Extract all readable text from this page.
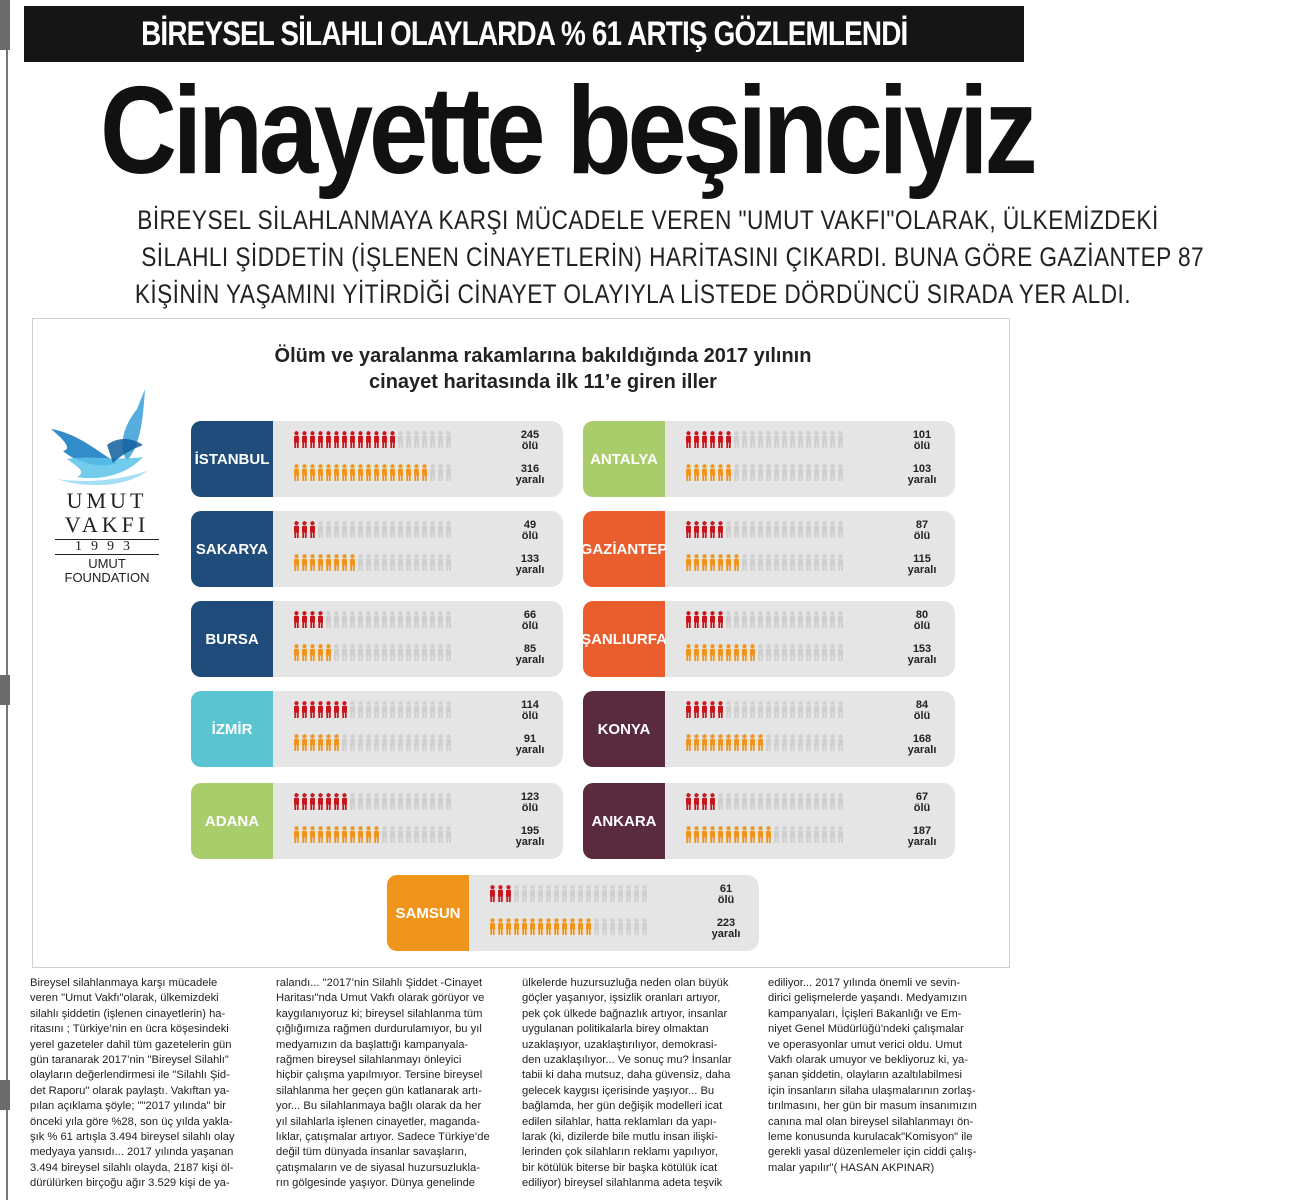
BİREYSEL SİLAHLI OLAYLARDA % 61 ARTIŞ GÖZLEMLENDİ
Cinayette beşinciyiz
BİREYSEL SİLAHLANMAYA KARŞI MÜCADELE VEREN "UMUT VAKFI"OLARAK, ÜLKEMİZDEKİ
SİLAHLI ŞİDDETİN (İŞLENEN CİNAYETLERİN) HARİTASINI ÇIKARDI. BUNA GÖRE GAZİANTEP 87
KİŞİNİN YAŞAMINI YİTİRDİĞİ CİNAYET OLAYIYLA LİSTEDE DÖRDÜNCÜ SIRADA YER ALDI.
UMUT
VAKFI
1993
UMUT
FOUNDATION
Ölüm ve yaralanma rakamlarına bakıldığında 2017 yılının
cinayet haritasında ilk 11’e giren iller
İSTANBUL
245
ölü
316
yaralı
ANTALYA
101
ölü
103
yaralı
SAKARYA
49
ölü
133
yaralı
GAZİANTEP
87
ölü
115
yaralı
BURSA
66
ölü
85
yaralı
ŞANLIURFA
80
ölü
153
yaralı
İZMİR
114
ölü
91
yaralı
KONYA
84
ölü
168
yaralı
ADANA
123
ölü
195
yaralı
ANKARA
67
ölü
187
yaralı
SAMSUN
61
ölü
223
yaralı
Bireysel silahlanmaya karşı mücadele
veren "Umut Vakfı"olarak, ülkemizdeki
silahlı şiddetin (işlenen cinayetlerin) ha-
ritasını ; Türkiye’nin en ücra köşesindeki
yerel gazeteler dahil tüm gazetelerin gün
gün taranarak 2017’nin "Bireysel Silahlı"
olayların değerlendirmesi ile "Silahlı Şid-
det Raporu" olarak paylaştı. Vakıftan ya-
pılan açıklama şöyle; ""2017 yılında" bir
önceki yıla göre %28, son üç yılda yakla-
şık % 61 artışla 3.494 bireysel silahlı olay
medyaya yansıdı... 2017 yılında yaşanan
3.494 bireysel silahlı olayda, 2187 kişi öl-
dürülürken birçoğu ağır 3.529 kişi de ya-
ralandı... "2017’nin Silahlı Şiddet -Cinayet
Haritası"nda Umut Vakfı olarak görüyor ve
kaygılanıyoruz ki; bireysel silahlanma tüm
çığlığımıza rağmen durdurulamıyor, bu yıl
medyamızın da başlattığı kampanyala-
rağmen bireysel silahlanmayı önleyici
hiçbir çalışma yapılmıyor. Tersine bireysel
silahlanma her geçen gün katlanarak artı-
yor... Bu silahlanmaya bağlı olarak da her
yıl silahlarla işlenen cinayetler, maganda-
lıklar, çatışmalar artıyor. Sadece Türkiye’de
değil tüm dünyada insanlar savaşların,
çatışmaların ve de siyasal huzursuzlukla-
rın gölgesinde yaşıyor. Dünya genelinde
ülkelerde huzursuzluğa neden olan büyük
göçler yaşanıyor, işsizlik oranları artıyor,
pek çok ülkede bağnazlık artıyor, insanlar
uygulanan politikalarla birey olmaktan
uzaklaşıyor, uzaklaştırılıyor, demokrasi-
den uzaklaşılıyor... Ve sonuç mu? İnsanlar
tabii ki daha mutsuz, daha güvensiz, daha
gelecek kaygısı içerisinde yaşıyor... Bu
bağlamda, her gün değişik modelleri icat
edilen silahlar, hatta reklamları da yapı-
larak (ki, dizilerde bile mutlu insan ilişki-
lerinden çok silahların reklamı yapılıyor,
bir kötülük biterse bir başka kötülük icat
ediliyor) bireysel silahlanma adeta teşvik
ediliyor... 2017 yılında önemli ve sevin-
dirici gelişmelerde yaşandı. Medyamızın
kampanyaları, İçişleri Bakanlığı ve Em-
niyet Genel Müdürlüğü’ndeki çalışmalar
ve operasyonlar umut verici oldu. Umut
Vakfı olarak umuyor ve bekliyoruz ki, ya-
şanan şiddetin, olayların azaltılabilmesi
için insanların silaha ulaşmalarının zorlaş-
tırılmasını, her gün bir masum insanımızın
canına mal olan bireysel silahlanmayı ön-
leme konusunda kurulacak"Komisyon" ile
gerekli yasal düzenlemeler için ciddi çalış-
malar yapılır"( HASAN AKPINAR)
